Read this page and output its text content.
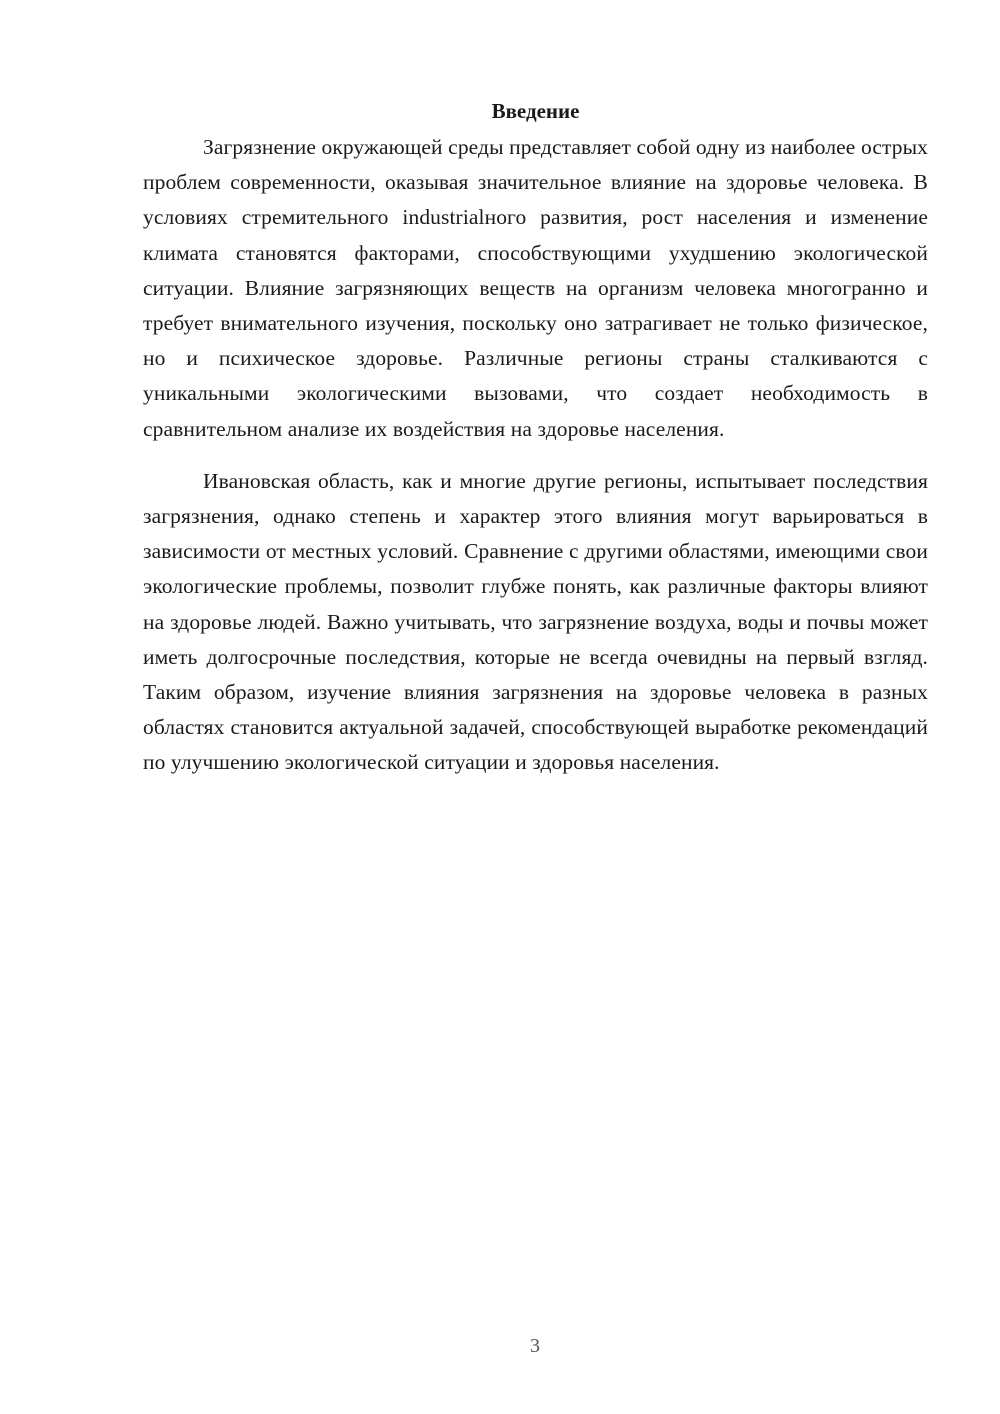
Введение

Загрязнение окружающей среды представляет собой одну из наиболее острых проблем современности, оказывая значительное влияние на здоровье человека. В условиях стремительного industrialного развития, рост населения и изменение климата становятся факторами, способствующими ухудшению экологической ситуации. Влияние загрязняющих веществ на организм человека многогранно и требует внимательного изучения, поскольку оно затрагивает не только физическое, но и психическое здоровье. Различные регионы страны сталкиваются с уникальными экологическими вызовами, что создает необходимость в сравнительном анализе их воздействия на здоровье населения.

Ивановская область, как и многие другие регионы, испытывает последствия загрязнения, однако степень и характер этого влияния могут варьироваться в зависимости от местных условий. Сравнение с другими областями, имеющими свои экологические проблемы, позволит глубже понять, как различные факторы влияют на здоровье людей. Важно учитывать, что загрязнение воздуха, воды и почвы может иметь долгосрочные последствия, которые не всегда очевидны на первый взгляд. Таким образом, изучение влияния загрязнения на здоровье человека в разных областях становится актуальной задачей, способствующей выработке рекомендаций по улучшению экологической ситуации и здоровья населения.

3
